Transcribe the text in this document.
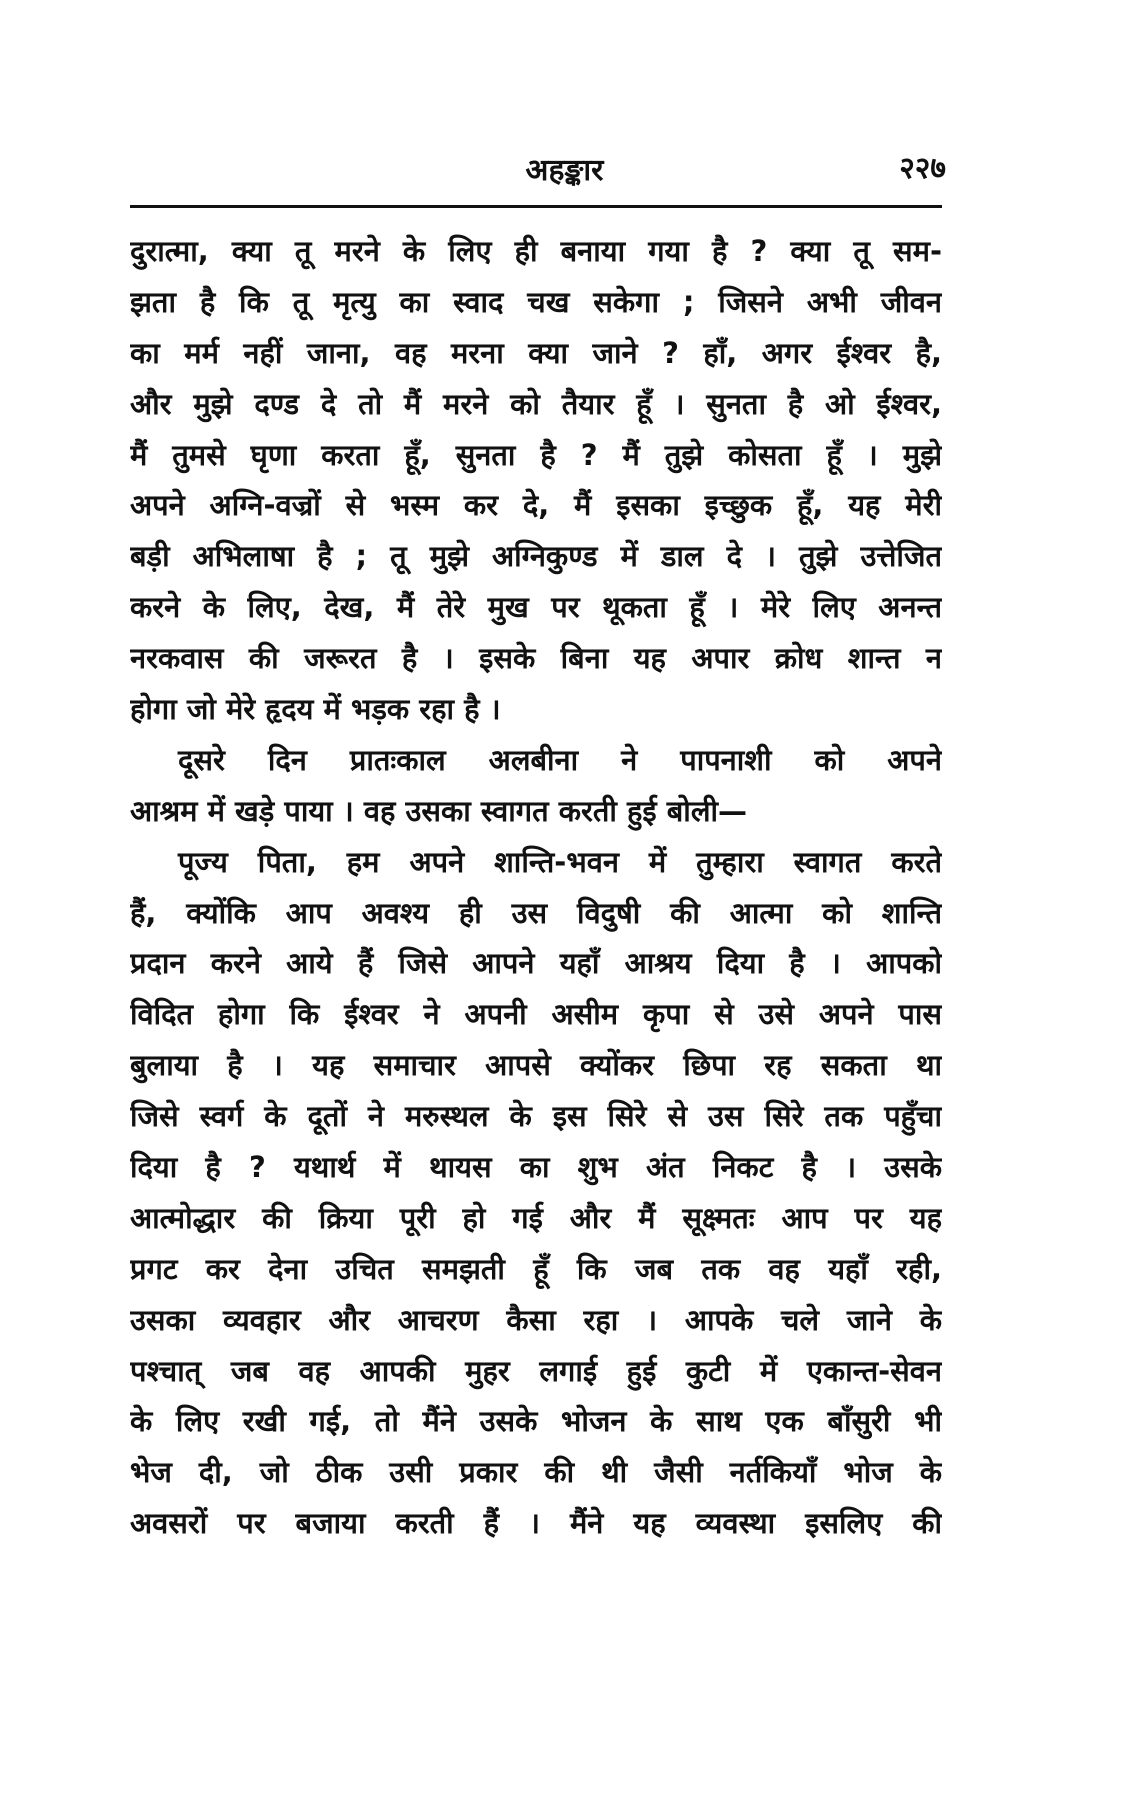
अहङ्कार	२२७
दुरात्मा, क्या तू मरने के लिए ही बनाया गया है ? क्या तू सम-
झता है कि तू मृत्यु का स्वाद चख सकेगा ; जिसने अभी जीवन
का मर्म नहीं जाना, वह मरना क्या जाने ? हाँ, अगर ईश्वर है,
और मुझे दण्ड दे तो मैं मरने को तैयार हूँ । सुनता है ओ ईश्वर,
मैं तुमसे घृणा करता हूँ, सुनता है ? मैं तुझे कोसता हूँ । मुझे
अपने अग्नि-वज्रों से भस्म कर दे, मैं इसका इच्छुक हूँ, यह मेरी
बड़ी अभिलाषा है ; तू मुझे अग्निकुण्ड में डाल दे । तुझे उत्तेजित
करने के लिए, देख, मैं तेरे मुख पर थूकता हूँ । मेरे लिए अनन्त
नरकवास की जरूरत है । इसके बिना यह अपार क्रोध शान्त न
होगा जो मेरे हृदय में भड़क रहा है ।
दूसरे दिन प्रातःकाल अलबीना ने पापनाशी को अपने
आश्रम में खड़े पाया । वह उसका स्वागत करती हुई बोली—
पूज्य पिता, हम अपने शान्ति-भवन में तुम्हारा स्वागत करते
हैं, क्योंकि आप अवश्य ही उस विदुषी की आत्मा को शान्ति
प्रदान करने आये हैं जिसे आपने यहाँ आश्रय दिया है । आपको
विदित होगा कि ईश्वर ने अपनी असीम कृपा से उसे अपने पास
बुलाया है । यह समाचार आपसे क्योंकर छिपा रह सकता था
जिसे स्वर्ग के दूतों ने मरुस्थल के इस सिरे से उस सिरे तक पहुँचा
दिया है ? यथार्थ में थायस का शुभ अंत निकट है । उसके
आत्मोद्धार की क्रिया पूरी हो गई और मैं सूक्ष्मतः आप पर यह
प्रगट कर देना उचित समझती हूँ कि जब तक वह यहाँ रही,
उसका व्यवहार और आचरण कैसा रहा । आपके चले जाने के
पश्चात् जब वह आपकी मुहर लगाई हुई कुटी में एकान्त-सेवन
के लिए रखी गई, तो मैंने उसके भोजन के साथ एक बाँसुरी भी
भेज दी, जो ठीक उसी प्रकार की थी जैसी नर्तकियाँ भोज के
अवसरों पर बजाया करती हैं । मैंने यह व्यवस्था इसलिए की
